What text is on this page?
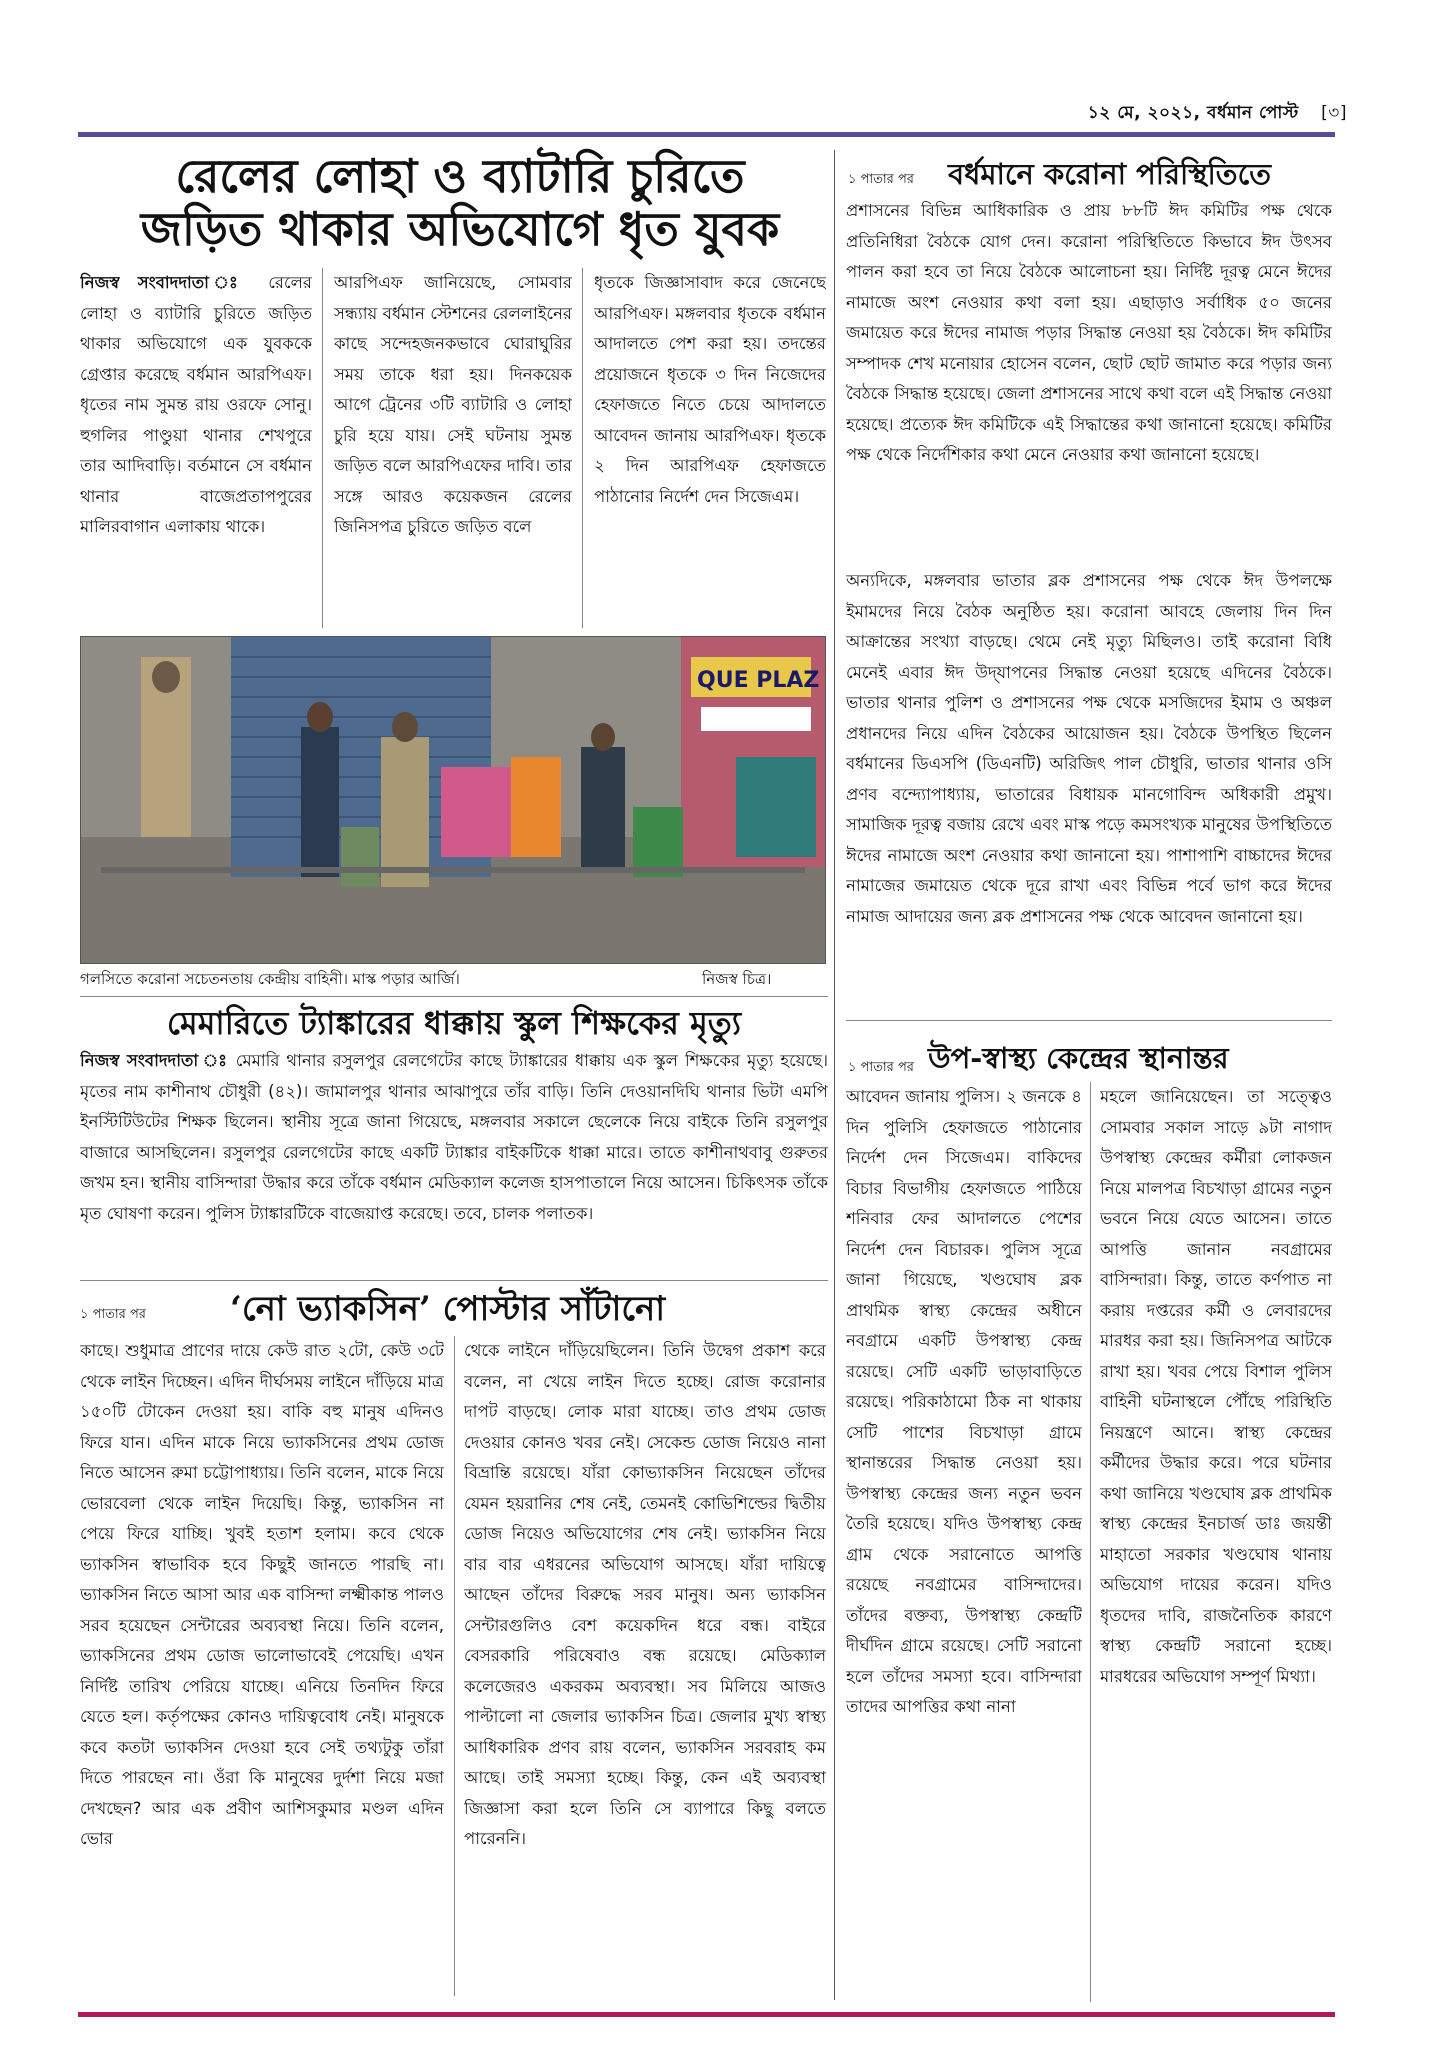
১২ মে, ২০২১, বর্ধমান পোস্ট [৩]
রেলের লোহা ও ব্যাটারি চুরিতে
জড়িত থাকার অভিযোগে ধৃত যুবক
নিজস্ব সংবাদদাতা ঃ রেলের লোহা ও ব্যাটারি চুরিতে জড়িত থাকার অভিযোগে এক যুবককে গ্রেপ্তার করেছে বর্ধমান আরপিএফ। ধৃতের নাম সুমন্ত রায় ওরফে সোনু। হুগলির পাণ্ডুয়া থানার শেখপুরে তার আদিবাড়ি। বর্তমানে সে বর্ধমান থানার বাজেপ্রতাপপুরের মালিরবাগান এলাকায় থাকে।
আরপিএফ জানিয়েছে, সোমবার সন্ধ্যায় বর্ধমান স্টেশনের রেললাইনের কাছে সন্দেহজনকভাবে ঘোরাঘুরির সময় তাকে ধরা হয়। দিনকয়েক আগে ট্রেনের ৩টি ব্যাটারি ও লোহা চুরি হয়ে যায়। সেই ঘটনায় সুমন্ত জড়িত বলে আরপিএফের দাবি। তার সঙ্গে আরও কয়েকজন রেলের জিনিসপত্র চুরিতে জড়িত বলে
ধৃতকে জিজ্ঞাসাবাদ করে জেনেছে আরপিএফ। মঙ্গলবার ধৃতকে বর্ধমান আদালতে পেশ করা হয়। তদন্তের প্রয়োজনে ধৃতকে ৩ দিন নিজেদের হেফাজতে নিতে চেয়ে আদালতে আবেদন জানায় আরপিএফ। ধৃতকে ২ দিন আরপিএফ হেফাজতে পাঠানোর নির্দেশ দেন সিজেএম।
QUE PLAZ
গলসিতে করোনা সচেতনতায় কেন্দ্রীয় বাহিনী। মাস্ক পড়ার আর্জি।	নিজস্ব চিত্র।
মেমারিতে ট্যাঙ্কারের ধাক্কায় স্কুল শিক্ষকের মৃত্যু
নিজস্ব সংবাদদাতা ঃ মেমারি থানার রসুলপুর রেলগেটের কাছে ট্যাঙ্কারের ধাক্কায় এক স্কুল শিক্ষকের মৃত্যু হয়েছে। মৃতের নাম কাশীনাথ চৌধুরী (৪২)। জামালপুর থানার আঝাপুরে তাঁর বাড়ি। তিনি দেওয়ানদিঘি থানার ভিটা এমপি ইনস্টিটিউটের শিক্ষক ছিলেন। স্থানীয় সূত্রে জানা গিয়েছে, মঙ্গলবার সকালে ছেলেকে নিয়ে বাইকে তিনি রসুলপুর বাজারে আসছিলেন। রসুলপুর রেলগেটের কাছে একটি ট্যাঙ্কার বাইকটিকে ধাক্কা মারে। তাতে কাশীনাথবাবু গুরুতর জখম হন। স্থানীয় বাসিন্দারা উদ্ধার করে তাঁকে বর্ধমান মেডিক্যাল কলেজ হাসপাতালে নিয়ে আসেন। চিকিৎসক তাঁকে মৃত ঘোষণা করেন। পুলিস ট্যাঙ্কারটিকে বাজেয়াপ্ত করেছে। তবে, চালক পলাতক।
১ পাতার পর ‘নো ভ্যাকসিন’ পোস্টার সাঁটানো
কাছে। শুধুমাত্র প্রাণের দায়ে কেউ রাত ২টো, কেউ ৩টে থেকে লাইন দিচ্ছেন। এদিন দীর্ঘসময় লাইনে দাঁড়িয়ে মাত্র ১৫০টি টোকেন দেওয়া হয়। বাকি বহু মানুষ এদিনও ফিরে যান। এদিন মাকে নিয়ে ভ্যাকসিনের প্রথম ডোজ নিতে আসেন রুমা চট্টোপাধ্যায়। তিনি বলেন, মাকে নিয়ে ভোরবেলা থেকে লাইন দিয়েছি। কিন্তু, ভ্যাকসিন না পেয়ে ফিরে যাচ্ছি। খুবই হতাশ হলাম। কবে থেকে ভ্যাকসিন স্বাভাবিক হবে কিছুই জানতে পারছি না। ভ্যাকসিন নিতে আসা আর এক বাসিন্দা লক্ষ্মীকান্ত পালও সরব হয়েছেন সেন্টারের অব্যবস্থা নিয়ে। তিনি বলেন, ভ্যাকসিনের প্রথম ডোজ ভালোভাবেই পেয়েছি। এখন নির্দিষ্ট তারিখ পেরিয়ে যাচ্ছে। এনিয়ে তিনদিন ফিরে যেতে হল। কর্তৃপক্ষের কোনও দায়িত্ববোধ নেই। মানুষকে কবে কতটা ভ্যাকসিন দেওয়া হবে সেই তথ্যটুকু তাঁরা দিতে পারছেন না। ওঁরা কি মানুষের দুর্দশা নিয়ে মজা দেখছেন? আর এক প্রবীণ আশিসকুমার মণ্ডল এদিন ভোর
থেকে লাইনে দাঁড়িয়েছিলেন। তিনি উদ্বেগ প্রকাশ করে বলেন, না খেয়ে লাইন দিতে হচ্ছে। রোজ করোনার দাপট বাড়ছে। লোক মারা যাচ্ছে। তাও প্রথম ডোজ দেওয়ার কোনও খবর নেই। সেকেন্ড ডোজ নিয়েও নানা বিভ্রান্তি রয়েছে। যাঁরা কোভ্যাকসিন নিয়েছেন তাঁদের যেমন হয়রানির শেষ নেই, তেমনই কোভিশিল্ডের দ্বিতীয় ডোজ নিয়েও অভিযোগের শেষ নেই। ভ্যাকসিন নিয়ে বার বার এধরনের অভিযোগ আসছে। যাঁরা দায়িত্বে আছেন তাঁদের বিরুদ্ধে সরব মানুষ। অন্য ভ্যাকসিন সেন্টারগুলিও বেশ কয়েকদিন ধরে বন্ধ। বাইরে বেসরকারি পরিষেবাও বন্ধ রয়েছে। মেডিক্যাল কলেজেরও একরকম অব্যবস্থা। সব মিলিয়ে আজও পাল্টালো না জেলার ভ্যাকসিন চিত্র। জেলার মুখ্য স্বাস্থ্য আধিকারিক প্রণব রায় বলেন, ভ্যাকসিন সরবরাহ কম আছে। তাই সমস্যা হচ্ছে। কিন্তু, কেন এই অব্যবস্থা জিজ্ঞাসা করা হলে তিনি সে ব্যাপারে কিছু বলতে পারেননি।
১ পাতার পর বর্ধমানে করোনা পরিস্থিতিতে
প্রশাসনের বিভিন্ন আধিকারিক ও প্রায় ৮৮টি ঈদ কমিটির পক্ষ থেকে প্রতিনিধিরা বৈঠকে যোগ দেন। করোনা পরিস্থিতিতে কিভাবে ঈদ উৎসব পালন করা হবে তা নিয়ে বৈঠকে আলোচনা হয়। নির্দিষ্ট দূরত্ব মেনে ঈদের নামাজে অংশ নেওয়ার কথা বলা হয়। এছাড়াও সর্বাধিক ৫০ জনের জমায়েত করে ঈদের নামাজ পড়ার সিদ্ধান্ত নেওয়া হয় বৈঠকে। ঈদ কমিটির সম্পাদক শেখ মনোয়ার হোসেন বলেন, ছোট ছোট জামাত করে পড়ার জন্য বৈঠকে সিদ্ধান্ত হয়েছে। জেলা প্রশাসনের সাথে কথা বলে এই সিদ্ধান্ত নেওয়া হয়েছে। প্রত্যেক ঈদ কমিটিকে এই সিদ্ধান্তের কথা জানানো হয়েছে। কমিটির পক্ষ থেকে নির্দেশিকার কথা মেনে নেওয়ার কথা জানানো হয়েছে।
অন্যদিকে, মঙ্গলবার ভাতার ব্লক প্রশাসনের পক্ষ থেকে ঈদ উপলক্ষে ইমামদের নিয়ে বৈঠক অনুষ্ঠিত হয়। করোনা আবহে জেলায় দিন দিন আক্রান্তের সংখ্যা বাড়ছে। থেমে নেই মৃত্যু মিছিলও। তাই করোনা বিধি মেনেই এবার ঈদ উদ্‌যাপনের সিদ্ধান্ত নেওয়া হয়েছে এদিনের বৈঠকে। ভাতার থানার পুলিশ ও প্রশাসনের পক্ষ থেকে মসজিদের ইমাম ও অঞ্চল প্রধানদের নিয়ে এদিন বৈঠকের আয়োজন হয়। বৈঠকে উপস্থিত ছিলেন বর্ধমানের ডিএসপি (ডিএনটি) অরিজিৎ পাল চৌধুরি, ভাতার থানার ওসি প্রণব বন্দ্যোপাধ্যায়, ভাতারের বিধায়ক মানগোবিন্দ অধিকারী প্রমুখ। সামাজিক দূরত্ব বজায় রেখে এবং মাস্ক পড়ে কমসংখ্যক মানুষের উপস্থিতিতে ঈদের নামাজে অংশ নেওয়ার কথা জানানো হয়। পাশাপাশি বাচ্চাদের ঈদের নামাজের জমায়েত থেকে দূরে রাখা এবং বিভিন্ন পর্বে ভাগ করে ঈদের নামাজ আদায়ের জন্য ব্লক প্রশাসনের পক্ষ থেকে আবেদন জানানো হয়।
১ পাতার পর উপ-স্বাস্থ্য কেন্দ্রের স্থানান্তর
আবেদন জানায় পুলিস। ২ জনকে ৪ দিন পুলিসি হেফাজতে পাঠানোর নির্দেশ দেন সিজেএম। বাকিদের বিচার বিভাগীয় হেফাজতে পাঠিয়ে শনিবার ফের আদালতে পেশের নির্দেশ দেন বিচারক। পুলিস সূত্রে জানা গিয়েছে, খণ্ডঘোষ ব্লক প্রাথমিক স্বাস্থ্য কেন্দ্রের অধীনে নবগ্রামে একটি উপস্বাস্থ্য কেন্দ্র রয়েছে। সেটি একটি ভাড়াবাড়িতে রয়েছে। পরিকাঠামো ঠিক না থাকায় সেটি পাশের বিচখাড়া গ্রামে স্থানান্তরের সিদ্ধান্ত নেওয়া হয়। উপস্বাস্থ্য কেন্দ্রের জন্য নতুন ভবন তৈরি হয়েছে। যদিও উপস্বাস্থ্য কেন্দ্র গ্রাম থেকে সরানোতে আপত্তি রয়েছে নবগ্রামের বাসিন্দাদের। তাঁদের বক্তব্য, উপস্বাস্থ্য কেন্দ্রটি দীর্ঘদিন গ্রামে রয়েছে। সেটি সরানো হলে তাঁদের সমস্যা হবে। বাসিন্দারা তাদের আপত্তির কথা নানা
মহলে জানিয়েছেন। তা সত্ত্বেও সোমবার সকাল সাড়ে ৯টা নাগাদ উপস্বাস্থ্য কেন্দ্রের কর্মীরা লোকজন নিয়ে মালপত্র বিচখাড়া গ্রামের নতুন ভবনে নিয়ে যেতে আসেন। তাতে আপত্তি জানান নবগ্রামের বাসিন্দারা। কিন্তু, তাতে কর্ণপাত না করায় দপ্তরের কর্মী ও লেবারদের মারধর করা হয়। জিনিসপত্র আটকে রাখা হয়। খবর পেয়ে বিশাল পুলিস বাহিনী ঘটনাস্থলে পৌঁছে পরিস্থিতি নিয়ন্ত্রণে আনে। স্বাস্থ্য কেন্দ্রের কর্মীদের উদ্ধার করে। পরে ঘটনার কথা জানিয়ে খণ্ডঘোষ ব্লক প্রাথমিক স্বাস্থ্য কেন্দ্রের ইনচার্জ ডাঃ জয়ন্তী মাহাতো সরকার খণ্ডঘোষ থানায় অভিযোগ দায়ের করেন। যদিও ধৃতদের দাবি, রাজনৈতিক কারণে স্বাস্থ্য কেন্দ্রটি সরানো হচ্ছে। মারধরের অভিযোগ সম্পূর্ণ মিথ্যা।
